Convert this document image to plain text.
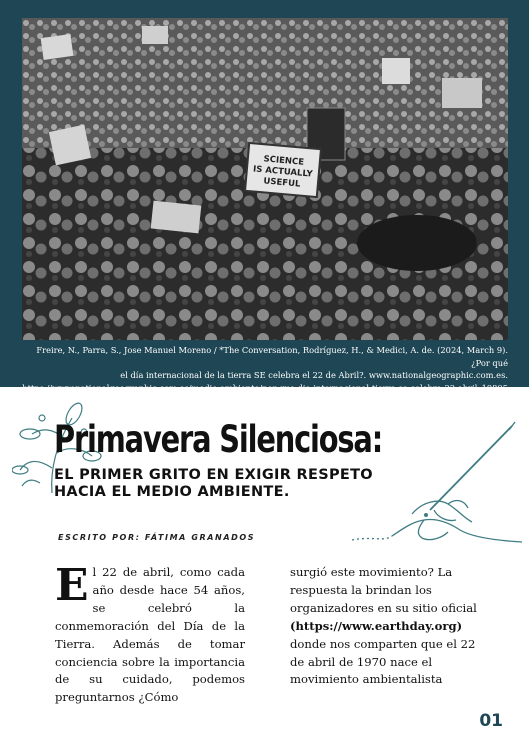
SCIENCE
IS ACTUALLY
USEFUL
Freire, N., Parra, S., Jose Manuel Moreno / *The Conversation, Rodríguez, H., & Medici, A. de. (2024, March 9). ¿Por qué
el día internacional de la tierra SE celebra el 22 de Abril?. www.nationalgeographic.com.es.
https://www.nationalgeographic.com.es/medio-ambiente/por-que-dia-internacional-tierra-se-celebra-22-abril_19805
Primavera Silenciosa:
EL PRIMER GRITO EN EXIGIR RESPETO HACIA EL MEDIO AMBIENTE.
ESCRITO POR: FÁTIMA GRANADOS
El 22 de abril, como cada año desde hace 54 años, se celebró la conmemoración del Día de la Tierra. Además de tomar conciencia sobre la importancia de su cuidado, podemos preguntarnos ¿Cómo
surgió este movimiento? La respuesta la brindan los organizadores en su sitio oficial (https://www.earthday.org) donde nos comparten que el 22 de abril de 1970 nace el movimiento ambientalista
01
